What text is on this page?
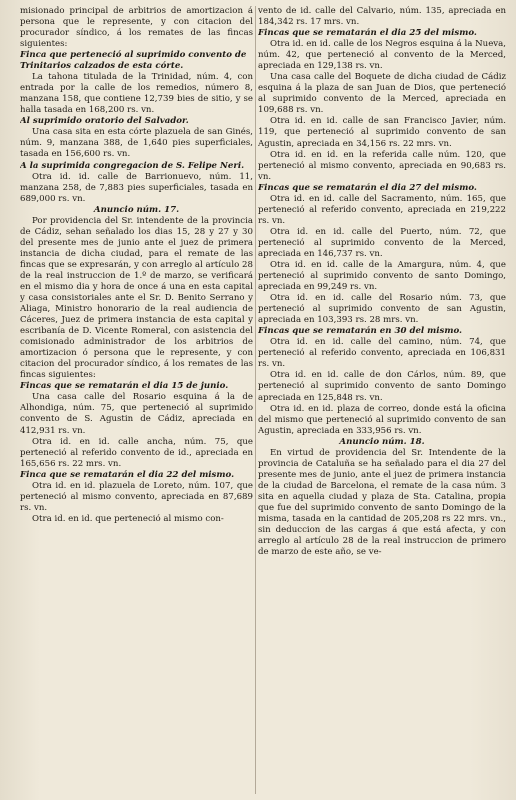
misionado principal de arbitrios de amortizacion á persona que le represente, y con citacion del procurador síndico, á los remates de las fincas siguientes:

Finca que perteneció al suprimido convento de Trinitarios calzados de esta córte.

La tahona titulada de la Trinidad, núm. 4, con entrada por la calle de los remedios, número 8, manzana 158, que contiene 12,739 bies de sitio, y se halla tasada en 168,200 rs. vn.

Al suprimido oratorio del Salvador.

Una casa sita en esta córte plazuela de san Ginés, núm. 9, manzana 388, de 1,640 pies superficiales, tasada en 156,600 rs. vn.

A la suprimida congregacion de S. Felipe Neri.

Otra id. id. calle de Barrionuevo, núm. 11, manzana 258, de 7,883 pies superficiales, tasada en 689,000 rs. vn.

Anuncio núm. 17.

Por providencia del Sr. intendente de la provincia de Cádiz, sehan señalado los dias 15, 28 y 27 y 30 del presente mes de junio ante el juez de primera instancia de dicha ciudad, para el remate de las fincas que se expresarán, y con arreglo al artículo 28 de la real instruccion de 1.º de marzo, se verificará en el mismo dia y hora de once á una en esta capital y casa consistoriales ante el Sr. D. Benito Serrano y Aliaga, Ministro honorario de la real audiencia de Cáceres, Juez de primera instancia de esta capital y escribanía de D. Vicente Romeral, con asistencia del comisionado administrador de los arbitrios de amortizacion ó persona que le represente, y con citacion del procurador síndico, á los remates de las fincas siguientes:

Fincas que se rematarán el dia 15 de junio.

Una casa calle del Rosario esquina á la de Alhondiga, núm. 75, que perteneció al suprimido convento de S. Agustin de Cádiz, apreciada en 412,931 rs. vn.

Otra id. en id. calle ancha, núm. 75, que perteneció al referido convento de id., apreciada en 165,656 rs. 22 mrs. vn.

Finca que se rematarán el dia 22 del mismo.

Otra id. en id. plazuela de Loreto, núm. 107, que perteneció al mismo convento, apreciada en 87,689 rs. vn.

Otra id. en id. que perteneció al mismo con-

vento de id. calle del Calvario, núm. 135, apreciada en 184,342 rs. 17 mrs. vn.

Fincas que se rematarán el dia 25 del mismo.

Otra id. en id. calle de los Negros esquina á la Nueva, núm. 42, que perteneció al convento de la Merced, apreciada en 129,138 rs. vn.

Una casa calle del Boquete de dicha ciudad de Cádiz esquina á la plaza de san Juan de Dios, que perteneció al suprimido convento de la Merced, apreciada en 109,688 rs. vn.

Otra id. en id. calle de san Francisco Javier, núm. 119, que perteneció al suprimido convento de san Agustin, apreciada en 34,156 rs. 22 mrs. vn.

Otra id. en id. en la referida calle núm. 120, que perteneció al mismo convento, apreciada en 90,683 rs. vn.

Fincas que se rematarán el dia 27 del mismo.

Otra id. en id. calle del Sacramento, núm. 165, que perteneció al referido convento, apreciada en 219,222 rs. vn.

Otra id. en id. calle del Puerto, núm. 72, que perteneció al suprimido convento de la Merced, apreciada en 146,737 rs. vn.

Otra id. en id. calle de la Amargura, núm. 4, que perteneció al suprimido convento de santo Domingo, apreciada en 99,249 rs. vn.

Otra id. en id. calle del Rosario núm. 73, que perteneció al suprimido convento de san Agustin, apreciada en 103,393 rs. 28 mrs. vn.

Fincas que se rematarán en 30 del mismo.

Otra id. en id. calle del camino, núm. 74, que perteneció al referido convento, apreciada en 106,831 rs. vn.

Otra id. en id. calle de don Cárlos, núm. 89, que perteneció al suprimido convento de santo Domingo apreciada en 125,848 rs. vn.

Otra id. en id. plaza de correo, donde está la oficina del mismo que perteneció al suprimido convento de san Agustin, apreciada en 333,956 rs. vn.

Anuncio núm. 18.

En virtud de providencia del Sr. Intendente de la provincia de Cataluña se ha señalado para el dia 27 del presente mes de junio, ante el juez de primera instancia de la ciudad de Barcelona, el remate de la casa núm. 3 sita en aquella ciudad y plaza de Sta. Catalina, propia que fue del suprimido convento de santo Domingo de la misma, tasada en la cantidad de 205,208 rs 22 mrs. vn., sin deduccion de las cargas á que está afecta, y con arreglo al artículo 28 de la real instruccion de primero de marzo de este año, se ve-
